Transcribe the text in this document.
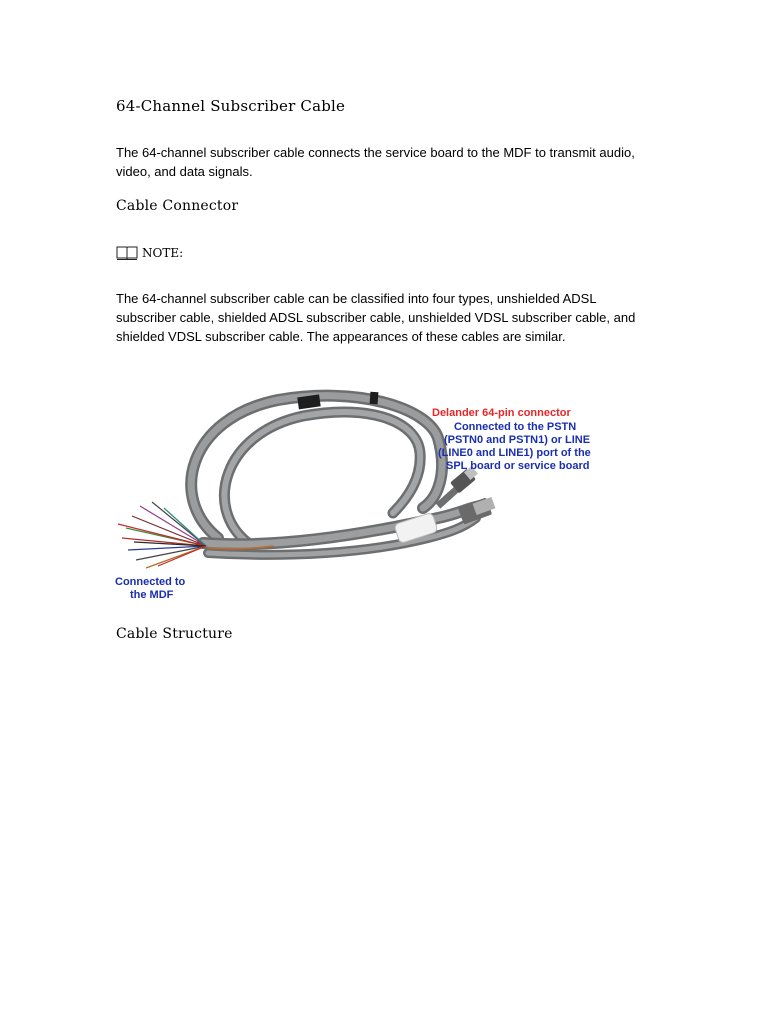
64-Channel Subscriber Cable

The 64-channel subscriber cable connects the service board to the MDF to transmit audio, video, and data signals.

Cable Connector
NOTE:

The 64-channel subscriber cable can be classified into four types, unshielded ADSL subscriber cable, shielded ADSL subscriber cable, unshielded VDSL subscriber cable, and shielded VDSL subscriber cable. The appearances of these cables are similar.

Delander 64-pin connector
Connected to the PSTN
(PSTN0 and PSTN1) or LINE
(LINE0 and LINE1) port of the
SPL board or service board
Connected to
the MDF
Cable Structure
